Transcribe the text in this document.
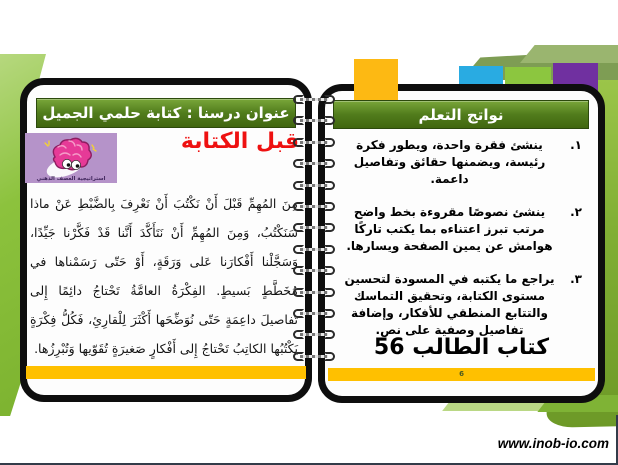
عنوان درسنا : كتابة حلمي الجميل
قبل الكتابة
استراتيجية العصف الذهني
مِنَ المُهِمِّ قَبْلَ أَنْ نَكْتُبَ أَنْ نَعْرِفَ بِالضَّبْطِ عَنْ ماذا سَنَكْتُبُ، وَمِنَ المُهِمِّ أَنْ نَتَأَكَّدَ أَنَّنا قَدْ فَكَّرْنا جَيِّدًا، وَسَجَّلْنا أَفْكارَنا عَلى وَرَقَةٍ، أَوْ حَتّى رَسَمْناها في مُخَطَّطٍ بَسيطٍ. الفِكْرَةُ العامَّةُ تَحْتاجُ دائِمًا إِلى تَفاصيلَ داعِمَةٍ حَتّى نُوَضِّحَها أَكْثَرَ لِلْقارِئِ، فَكُلُّ فِكْرَةٍ يَكْتُبُها الكاتِبُ تَحْتاجُ إِلى أَفْكارٍ صَغيرَةٍ تُقَوّيها وَتُبْرِزُها.
نواتج التعلم
١.
ينشئ فقرة واحدة، ويطور فكرة رئيسة، ويضمنها حقائق وتفاصيل داعمة.
٢.
ينشئ نصوصًا مقروءة بخط واضح مرتب تبرز اعتناءه بما يكتب تاركًا هوامش عن يمين الصفحة ويسارها.
٣.
يراجع ما يكتبه في المسودة لتحسين مستوى الكتابة، وتحقيق التماسك والتتابع المنطقي للأفكار، وإضافة تفاصيل وصفية على نص.
كتاب الطالب 56
6
www.inob-io.com
